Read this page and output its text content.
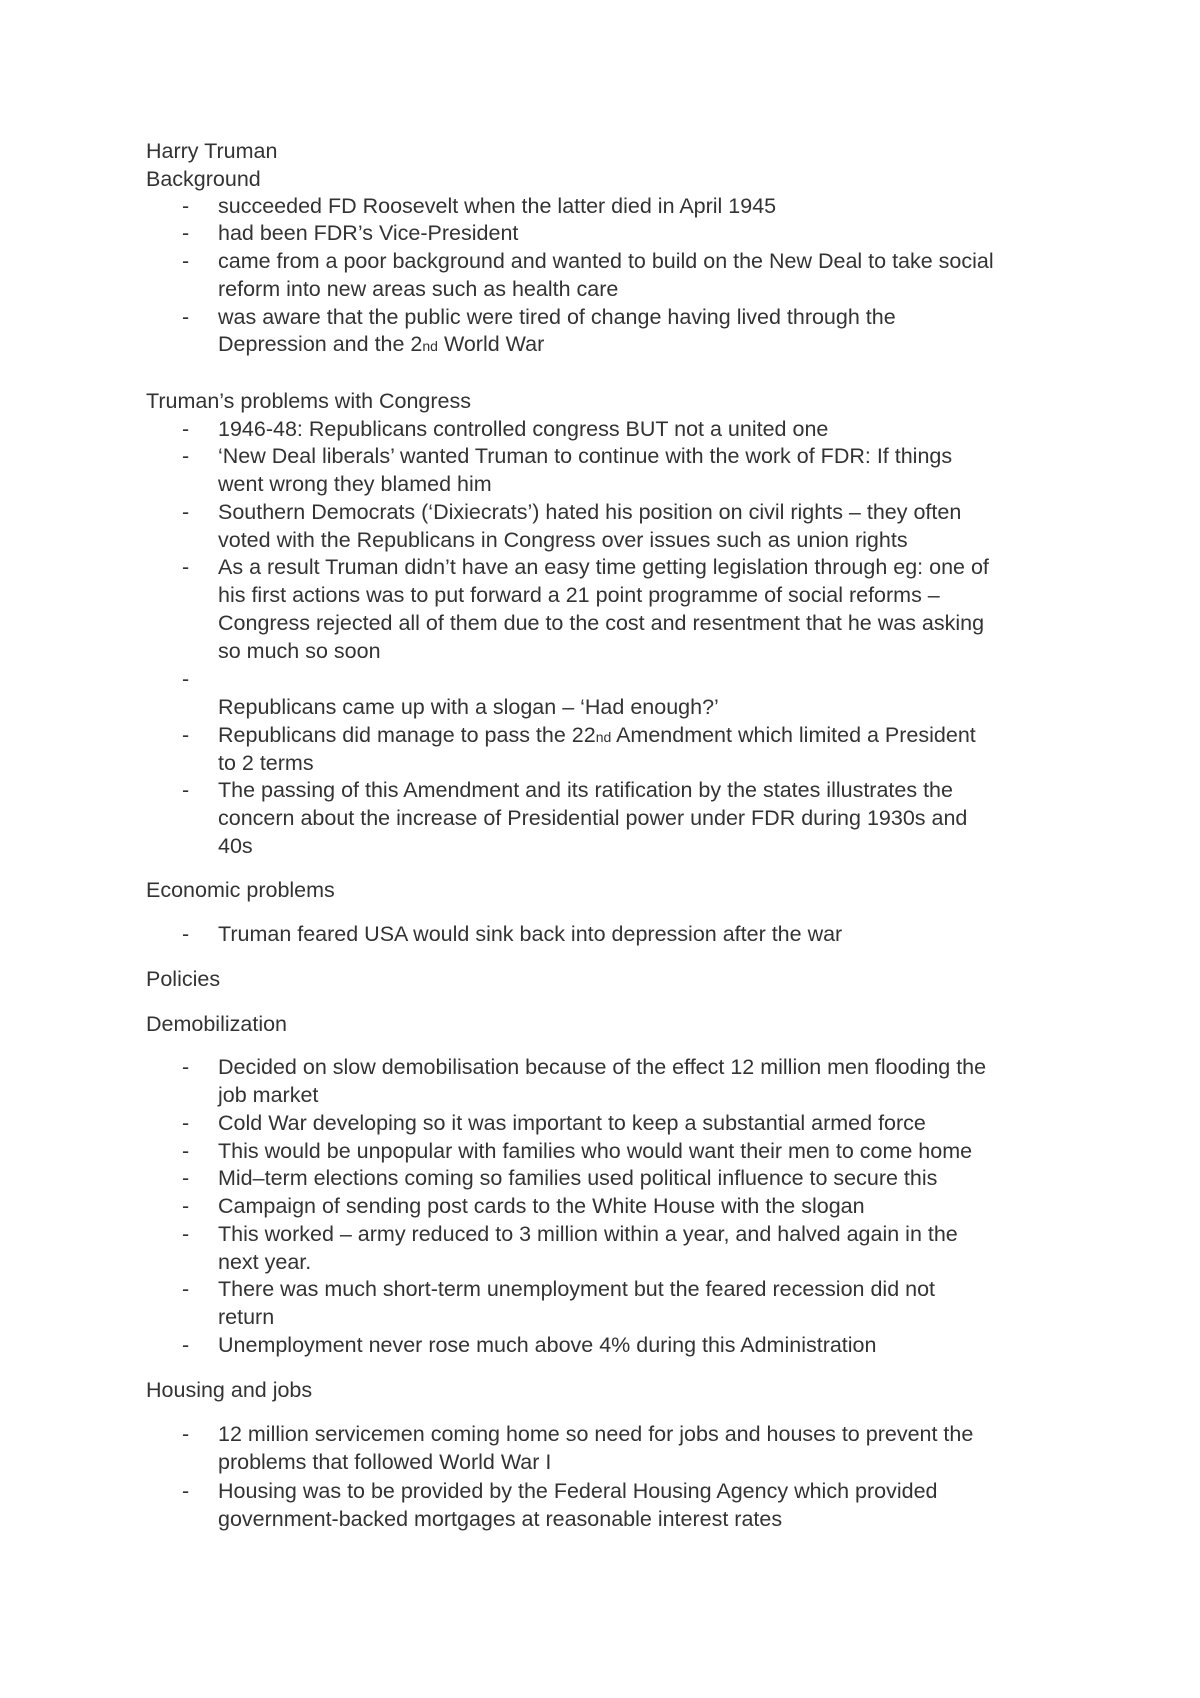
Harry Truman
Background
- succeeded FD Roosevelt when the latter died in April 1945
- had been FDR’s Vice-President
- came from a poor background and wanted to build on the New Deal to take social
reform into new areas such as health care
- was aware that the public were tired of change having lived through the
Depression and the 2nd World War
Truman’s problems with Congress
- 1946-48: Republicans controlled congress BUT not a united one
- ‘New Deal liberals’ wanted Truman to continue with the work of FDR: If things
went wrong they blamed him
- Southern Democrats (‘Dixiecrats’) hated his position on civil rights – they often
voted with the Republicans in Congress over issues such as union rights
- As a result Truman didn’t have an easy time getting legislation through eg: one of
his first actions was to put forward a 21 point programme of social reforms –
Congress rejected all of them due to the cost and resentment that he was asking
so much so soon
-
Republicans came up with a slogan – ‘Had enough?’
- Republicans did manage to pass the 22nd Amendment which limited a President
to 2 terms
- The passing of this Amendment and its ratification by the states illustrates the
concern about the increase of Presidential power under FDR during 1930s and
40s
Economic problems
- Truman feared USA would sink back into depression after the war
Policies
Demobilization
- Decided on slow demobilisation because of the effect 12 million men flooding the
job market
- Cold War developing so it was important to keep a substantial armed force
- This would be unpopular with families who would want their men to come home
- Mid–term elections coming so families used political influence to secure this
- Campaign of sending post cards to the White House with the slogan
- This worked – army reduced to 3 million within a year, and halved again in the
next year.
- There was much short-term unemployment but the feared recession did not
return
- Unemployment never rose much above 4% during this Administration
Housing and jobs
- 12 million servicemen coming home so need for jobs and houses to prevent the
problems that followed World War I
- Housing was to be provided by the Federal Housing Agency which provided
government-backed mortgages at reasonable interest rates
